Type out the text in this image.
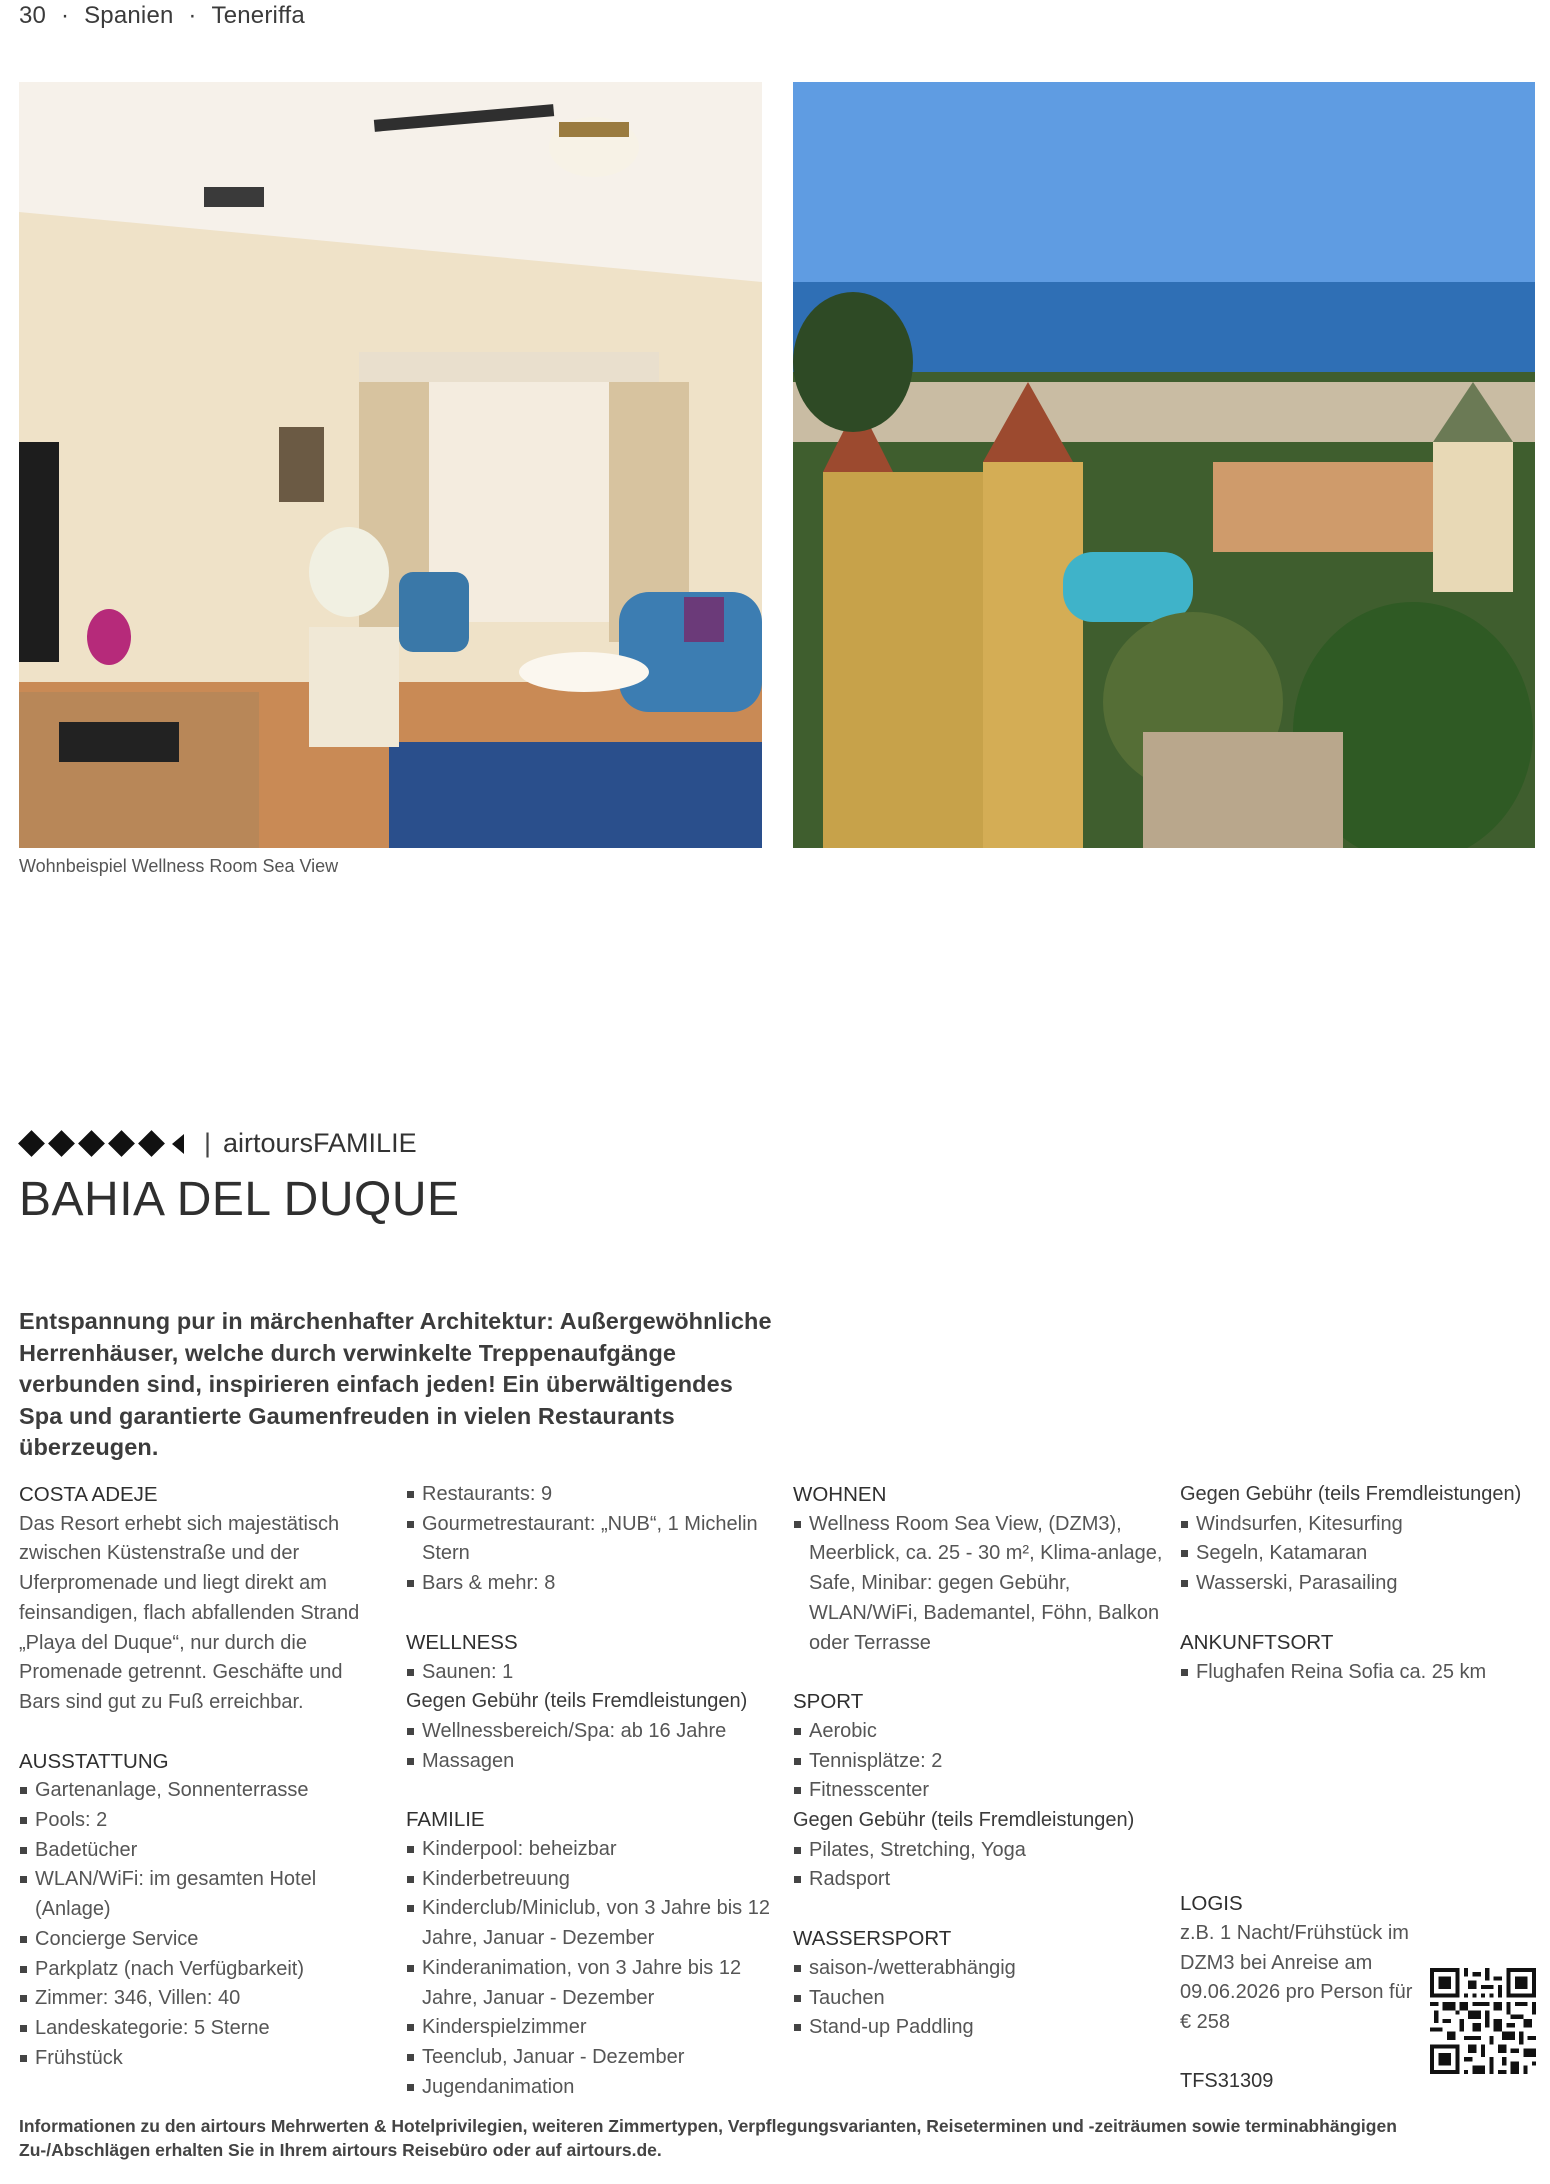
30 · Spanien · Teneriffa
Wohnbeispiel Wellness Room Sea View
| airtoursFAMILIE
BAHIA DEL DUQUE

Entspannung pur in märchenhafter Architektur: Außergewöhnliche Herrenhäuser, welche durch verwinkelte Treppenaufgänge verbunden sind, inspirieren einfach jeden! Ein überwältigendes Spa und garantierte Gaumenfreuden in vielen Restaurants überzeugen.

COSTA ADEJE
Das Resort erhebt sich majestätisch zwischen Küstenstraße und der Uferpromenade und liegt direkt am feinsandigen, flach abfallenden Strand „Playa del Duque“, nur durch die Promenade getrennt. Geschäfte und Bars sind gut zu Fuß erreichbar.
AUSSTATTUNG
Gartenanlage, Sonnenterrasse
Pools: 2
Badetücher
WLAN/WiFi: im gesamten Hotel (Anlage)
Concierge Service
Parkplatz (nach Verfügbarkeit)
Zimmer: 346, Villen: 40
Landeskategorie: 5 Sterne
Frühstück
Restaurants: 9
Gourmetrestaurant: „NUB“, 1 Michelin Stern
Bars & mehr: 8
WELLNESS
Saunen: 1
Gegen Gebühr (teils Fremdleistungen)
Wellnessbereich/Spa: ab 16 Jahre
Massagen
FAMILIE
Kinderpool: beheizbar
Kinderbetreuung
Kinderclub/Miniclub, von 3 Jahre bis 12 Jahre, Januar - Dezember
Kinderanimation, von 3 Jahre bis 12 Jahre, Januar - Dezember
Kinderspielzimmer
Teenclub, Januar - Dezember
Jugendanimation
WOHNEN
Wellness Room Sea View, (DZM3), Meerblick, ca. 25 - 30 m², Klima-anlage, Safe, Minibar: gegen Gebühr, WLAN/WiFi, Bademantel, Föhn, Balkon oder Terrasse
SPORT
Aerobic
Tennisplätze: 2
Fitnesscenter
Gegen Gebühr (teils Fremdleistungen)
Pilates, Stretching, Yoga
Radsport
WASSERSPORT
saison-/wetterabhängig
Tauchen
Stand-up Paddling
Gegen Gebühr (teils Fremdleistungen)
Windsurfen, Kitesurfing
Segeln, Katamaran
Wasserski, Parasailing
ANKUNFTSORT
Flughafen Reina Sofia ca. 25 km
LOGIS
z.B. 1 Nacht/Frühstück im DZM3 bei Anreise am 09.06.2026 pro Person für € 258
TFS31309
Informationen zu den airtours Mehrwerten & Hotelprivilegien, weiteren Zimmertypen, Verpflegungsvarianten, Reiseterminen und -zeiträumen sowie terminabhängigen Zu-/Abschlägen erhalten Sie in Ihrem airtours Reisebüro oder auf airtours.de.
